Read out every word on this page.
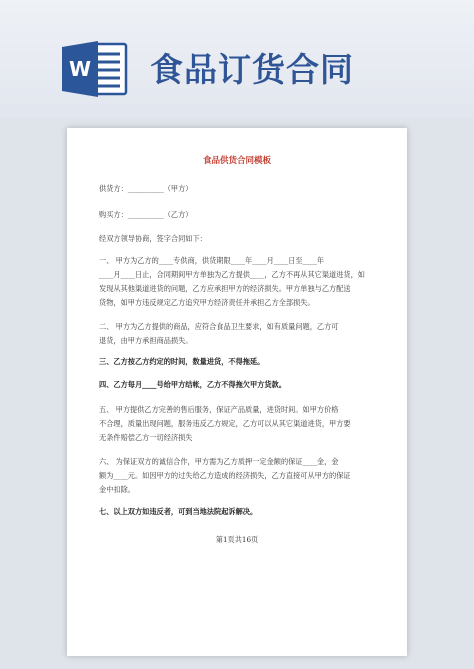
W 食品订货合同
食品供货合同模板
供货方：__________（甲方）
购买方：__________（乙方）
经双方领导协商，签字合同如下：
一、 甲方为乙方的____专供商，供货期限____年____月____日至____年
____月____日止，合同期间甲方单独为乙方提供____，乙方不再从其它渠道进货，如
发现从其他渠道进货的问题，乙方应承担甲方的经济损失。甲方单独与乙方配送
货物，如甲方违反规定乙方追究甲方经济责任并承担乙方全部损失。
二、 甲方为乙方提供的商品，应符合食品卫生要求，如有质量问题，乙方可
退货，由甲方承担商品损失。
三、乙方按乙方约定的时间，数量进货，不得拖延。
四、乙方每月____号给甲方结帐，乙方不得拖欠甲方货款。
五、 甲方提供乙方完善的售后服务，保证产品质量，进货时间。如甲方价格
不合理，质量出现问题，服务违反乙方规定，乙方可以从其它渠道进货，甲方要
无条件赔偿乙方一切经济损失
六、 为保证双方的诚信合作，甲方需为乙方质押一定金额的保证____金，金
额为____元。如因甲方的过失给乙方造成的经济损失，乙方直接可从甲方的保证
金中扣除。
七、以上双方如违反者，可到当地法院起诉解决。
第1页共16页
